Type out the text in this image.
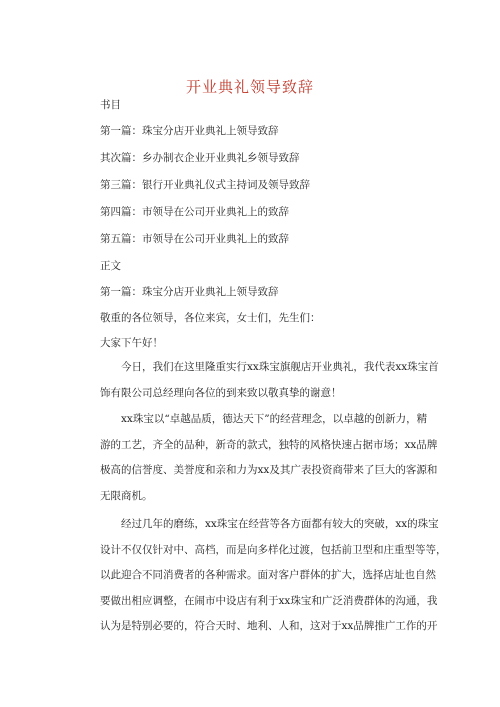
开业典礼领导致辞
书目
第一篇：珠宝分店开业典礼上领导致辞
其次篇：乡办制衣企业开业典礼乡领导致辞
第三篇：银行开业典礼仪式主持词及领导致辞
第四篇：市领导在公司开业典礼上的致辞
第五篇：市领导在公司开业典礼上的致辞
正文
第一篇：珠宝分店开业典礼上领导致辞
敬重的各位领导，各位来宾，女士们，先生们：
大家下午好！
今日，我们在这里隆重实行xx珠宝旗舰店开业典礼，我代表xx珠宝首
饰有限公司总经理向各位的到来致以敬真挚的谢意！
xx珠宝以“卓越品质，德达天下”的经营理念，以卓越的创新力，精
游的工艺，齐全的品种，新奇的款式，独特的风格快速占据市场；xx品牌
极高的信誉度、美誉度和亲和力为xx及其广表投资商带来了巨大的客源和
无限商机。
经过几年的磨练，xx珠宝在经营等各方面都有较大的突破，xx的珠宝
设计不仅仅针对中、高档，而是向多样化过渡，包括前卫型和庄重型等等，
以此迎合不同消费者的各种需求。面对客户群体的扩大，选择店址也自然
要做出相应调整，在闹市中设店有利于xx珠宝和广泛消费群体的沟通，我
认为是特别必要的，符合天时、地利、人和，这对于xx品牌推广工作的开
